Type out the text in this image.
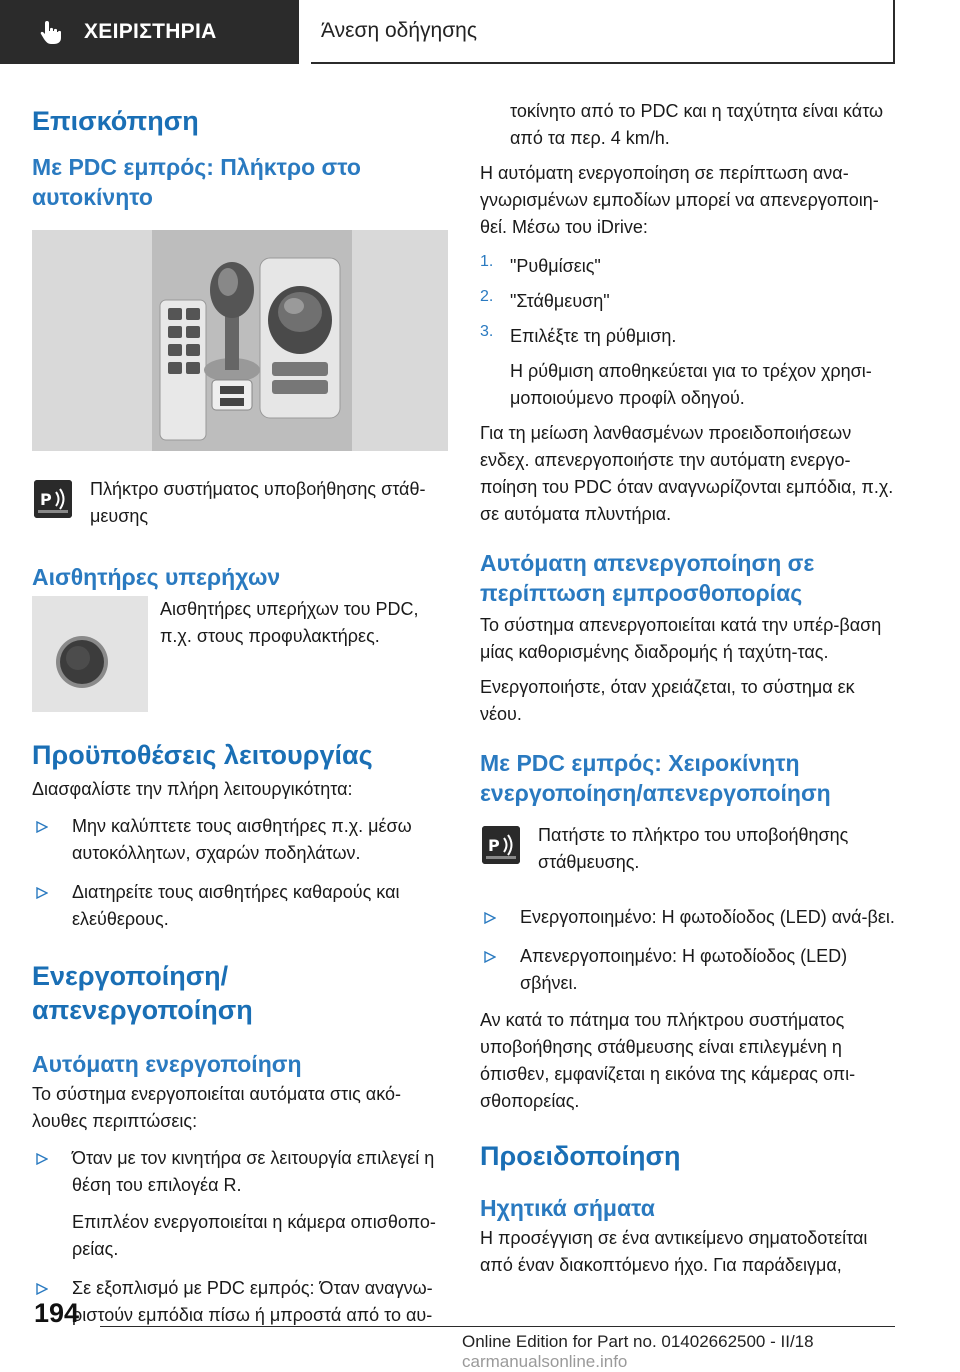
ΧΕΙΡΙΣΤΗΡΙΑ	Άνεση οδήγησης
Επισκόπηση
Με PDC εμπρός: Πλήκτρο στο αυτοκίνητο
P

Πλήκτρο συστήματος υποβοήθησης στάθ-μευσης

Αισθητήρες υπερήχων

Αισθητήρες υπερήχων του PDC, π.χ. στους προφυλακτήρες.

Προϋποθέσεις λειτουργίας

Διασφαλίστε την πλήρη λειτουργικότητα:

Μην καλύπτετε τους αισθητήρες π.χ. μέσω αυτοκόλλητων, σχαρών ποδηλάτων.

Διατηρείτε τους αισθητήρες καθαρούς και ελεύθερους.

Ενεργοποίηση/απενεργοποίηση
Αυτόματη ενεργοποίηση

Το σύστημα ενεργοποιείται αυτόματα στις ακό-λουθες περιπτώσεις:

Όταν με τον κινητήρα σε λειτουργία επιλεγεί η θέση του επιλογέα R.

Επιπλέον ενεργοποιείται η κάμερα οπισθοπο-ρείας.

Σε εξοπλισμό με PDC εμπρός: Όταν αναγνω-ριστούν εμπόδια πίσω ή μπροστά από το αυ-

τοκίνητο από το PDC και η ταχύτητα είναι κάτω από τα περ. 4 km/h.

Η αυτόματη ενεργοποίηση σε περίπτωση ανα-γνωρισμένων εμποδίων μπορεί να απενεργοποιη-θεί. Μέσω του iDrive:

1. "Ρυθμίσεις"

2. "Στάθμευση"

3. Επιλέξτε τη ρύθμιση.

Η ρύθμιση αποθηκεύεται για το τρέχον χρησι-μοποιούμενο προφίλ οδηγού.

Για τη μείωση λανθασμένων προειδοποιήσεων ενδεχ. απενεργοποιήστε την αυτόματη ενεργο-ποίηση του PDC όταν αναγνωρίζονται εμπόδια, π.χ. σε αυτόματα πλυντήρια.

Αυτόματη απενεργοποίηση σε περίπτωση εμπροσθοπορίας

Το σύστημα απενεργοποιείται κατά την υπέρ-βαση μίας καθορισμένης διαδρομής ή ταχύτη-τας.

Ενεργοποιήστε, όταν χρειάζεται, το σύστημα εκ νέου.

Με PDC εμπρός: Χειροκίνητη ενεργοποίηση/απενεργοποίηση
P

Πατήστε το πλήκτρο του υποβοήθησης στάθμευσης.

Ενεργοποιημένο: Η φωτοδίοδος (LED) ανά-βει.

Απενεργοποιημένο: Η φωτοδίοδος (LED) σβήνει.

Αν κατά το πάτημα του πλήκτρου συστήματος υποβοήθησης στάθμευσης είναι επιλεγμένη η όπισθεν, εμφανίζεται η εικόνα της κάμερας οπι-σθοπορείας.

Προειδοποίηση
Ηχητικά σήματα

Η προσέγγιση σε ένα αντικείμενο σηματοδοτείται από έναν διακοπτόμενο ήχο. Για παράδειγμα,

194
Online Edition for Part no. 01402662500 - II/18 carmanualsonline.info
